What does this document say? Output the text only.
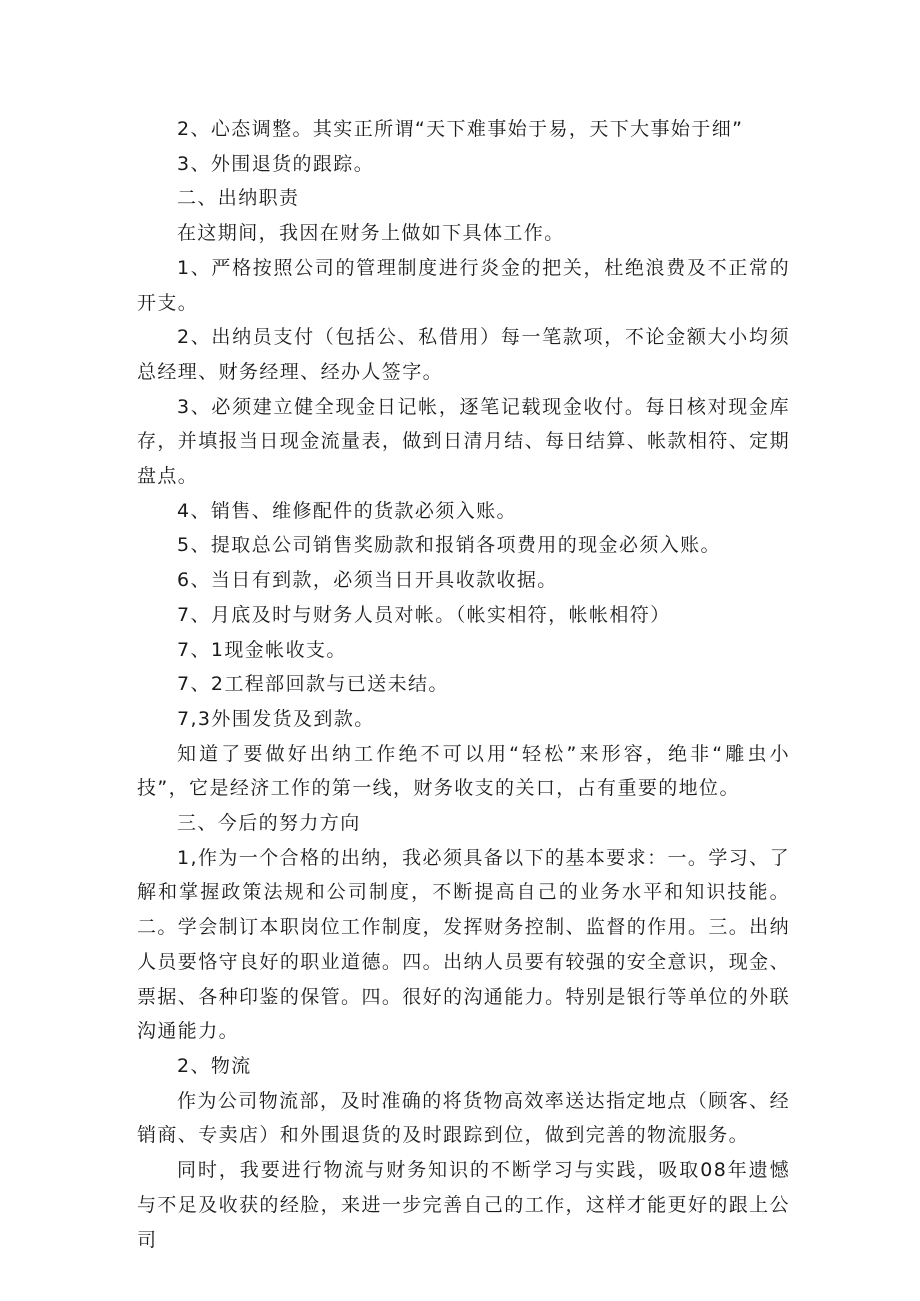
2、心态调整。其实正所谓“天下难事始于易，天下大事始于细”

3、外围退货的跟踪。

二、出纳职责

在这期间，我因在财务上做如下具体工作。

1、严格按照公司的管理制度进行炎金的把关，杜绝浪费及不正常的开支。

2、出纳员支付（包括公、私借用）每一笔款项，不论金额大小均须总经理、财务经理、经办人签字。

3、必须建立健全现金日记帐，逐笔记载现金收付。每日核对现金库存，并填报当日现金流量表，做到日清月结、每日结算、帐款相符、定期盘点。

4、销售、维修配件的货款必须入账。

5、提取总公司销售奖励款和报销各项费用的现金必须入账。

6、当日有到款，必须当日开具收款收据。

7、月底及时与财务人员对帐。（帐实相符，帐帐相符）

7、1现金帐收支。

7、2工程部回款与已送未结。

7,3外围发货及到款。

知道了要做好出纳工作绝不可以用“轻松”来形容，绝非“雕虫小技”，它是经济工作的第一线，财务收支的关口，占有重要的地位。

三、今后的努力方向

1,作为一个合格的出纳，我必须具备以下的基本要求：一。学习、了解和掌握政策法规和公司制度，不断提高自己的业务水平和知识技能。二。学会制订本职岗位工作制度，发挥财务控制、监督的作用。三。出纳人员要恪守良好的职业道德。四。出纳人员要有较强的安全意识，现金、票据、各种印鉴的保管。四。很好的沟通能力。特别是银行等单位的外联沟通能力。

2、物流

作为公司物流部，及时准确的将货物高效率送达指定地点（顾客、经销商、专卖店）和外围退货的及时跟踪到位，做到完善的物流服务。

同时，我要进行物流与财务知识的不断学习与实践，吸取08年遗憾与不足及收获的经脸，来进一步完善自己的工作，这样才能更好的跟上公司
